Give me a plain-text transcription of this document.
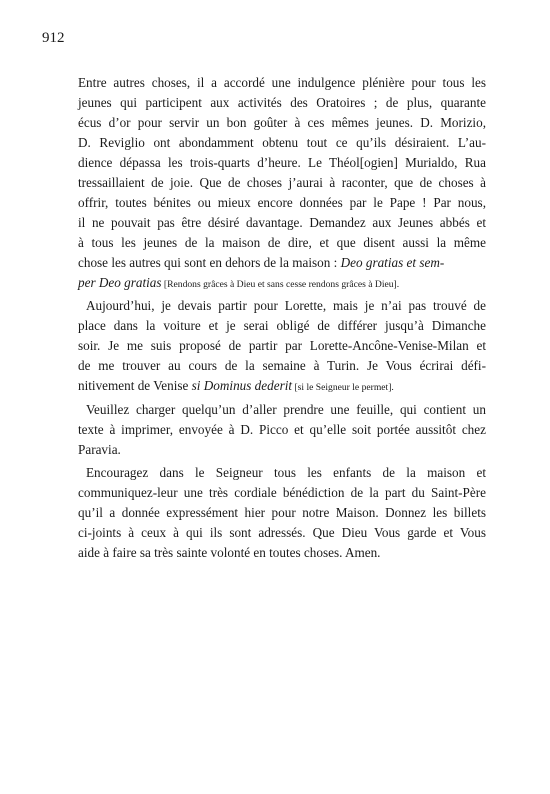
912
Entre autres choses, il a accordé une indulgence plénière pour tous les
jeunes qui participent aux activités des Oratoires ; de plus, quarante
écus d’or pour servir un bon goûter à ces mêmes jeunes. D. Morizio,
D. Reviglio ont abondamment obtenu tout ce qu’ils désiraient. L’au-
dience dépassa les trois-quarts d’heure. Le Théol[ogien] Murialdo, Rua
tressaillaient de joie. Que de choses j’aurai à raconter, que de choses à
offrir, toutes bénites ou mieux encore données par le Pape ! Par nous,
il ne pouvait pas être désiré davantage. Demandez aux Jeunes abbés et
à tous les jeunes de la maison de dire, et que disent aussi la même
chose les autres qui sont en dehors de la maison : Deo gratias et sem-
per Deo gratias [Rendons grâces à Dieu et sans cesse rendons grâces à Dieu].
Aujourd’hui, je devais partir pour Lorette, mais je n’ai pas trouvé de
place dans la voiture et je serai obligé de différer jusqu’à Dimanche
soir. Je me suis proposé de partir par Lorette-Ancône-Venise-Milan et
de me trouver au cours de la semaine à Turin. Je Vous écrirai défi-
nitivement de Venise si Dominus dederit [si le Seigneur le permet].
Veuillez charger quelqu’un d’aller prendre une feuille, qui contient un
texte à imprimer, envoyée à D. Picco et qu’elle soit portée aussitôt chez
Paravia.
Encouragez dans le Seigneur tous les enfants de la maison et
communiquez-leur une très cordiale bénédiction de la part du Saint-Père
qu’il a donnée expressément hier pour notre Maison. Donnez les billets
ci-joints à ceux à qui ils sont adressés. Que Dieu Vous garde et Vous
aide à faire sa très sainte volonté en toutes choses. Amen.
